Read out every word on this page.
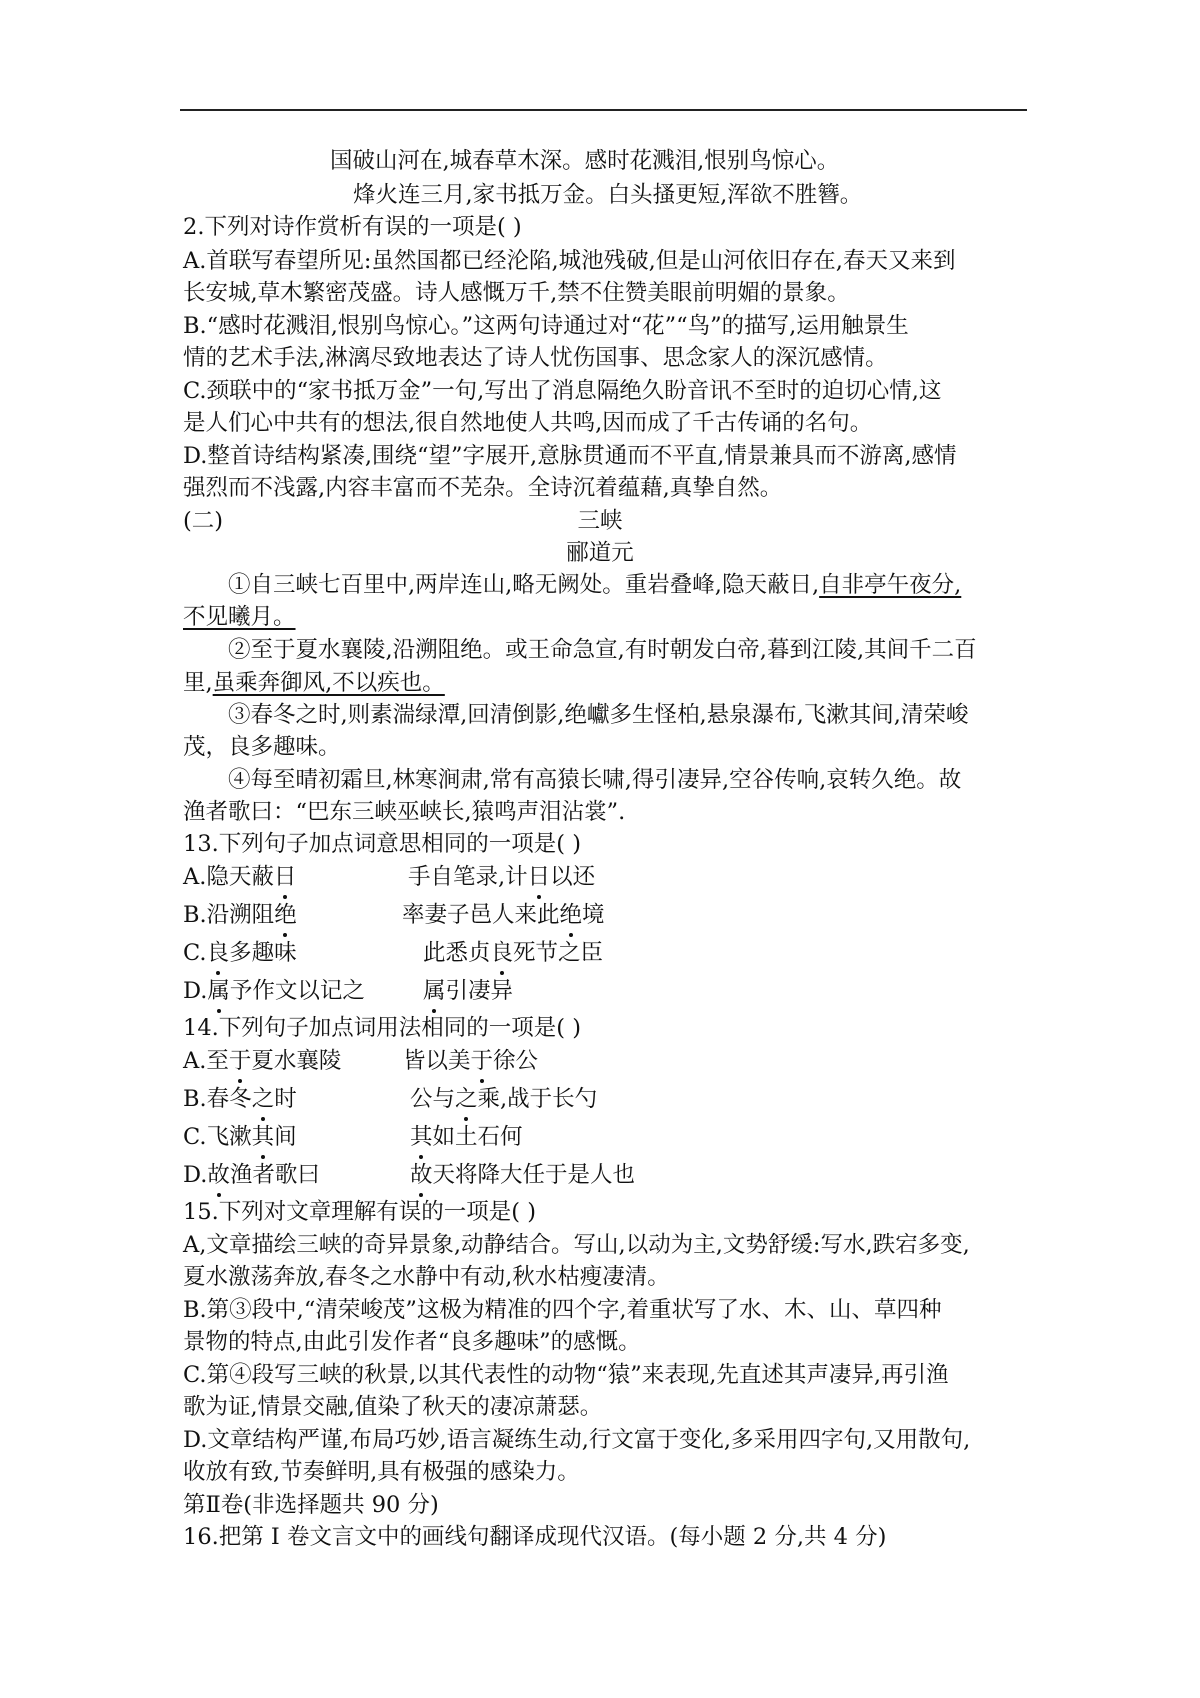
国破山河在,城春草木深。感时花溅泪,恨别鸟惊心。
烽火连三月,家书抵万金。白头搔更短,浑欲不胜簪。
2.下列对诗作赏析有误的一项是( )
A.首联写春望所见:虽然国都已经沦陷,城池残破,但是山河依旧存在,春天又来到
长安城,草木繁密茂盛。诗人感慨万千,禁不住赞美眼前明媚的景象。
B.“感时花溅泪,恨别鸟惊心。”这两句诗通过对“花”“鸟”的描写,运用触景生
情的艺术手法,淋漓尽致地表达了诗人忧伤国事、思念家人的深沉感情。
C.颈联中的“家书抵万金”一句,写出了消息隔绝久盼音讯不至时的迫切心情,这
是人们心中共有的想法,很自然地使人共鸣,因而成了千古传诵的名句。
D.整首诗结构紧凑,围绕“望”字展开,意脉贯通而不平直,情景兼具而不游离,感情
强烈而不浅露,内容丰富而不芜杂。全诗沉着蕴藉,真挚自然。
(二)	三峡
郦道元
①自三峡七百里中,两岸连山,略无阙处。重岩叠峰,隐天蔽日,自非亭午夜分,
不见曦月。
②至于夏水襄陵,沿溯阻绝。或王命急宣,有时朝发白帝,暮到江陵,其间千二百
里,虽乘奔御风,不以疾也。
③春冬之时,则素湍绿潭,回清倒影,绝巘多生怪柏,悬泉瀑布,飞漱其间,清荣峻
茂，良多趣味。
④每至晴初霜旦,林寒涧肃,常有高猿长啸,得引凄异,空谷传响,哀转久绝。故
渔者歌曰：“巴东三峡巫峡长,猿鸣声泪沾裳”.
13.下列句子加点词意思相同的一项是( )
A.隐天蔽日	手自笔录,计日以还
B.沿溯阻绝	率妻子邑人来此绝境
C.良多趣味	此悉贞良死节之臣
D.属予作文以记之	属引凄异
14.下列句子加点词用法相同的一项是( )
A.至于夏水襄陵	皆以美于徐公
B.春冬之时	公与之乘,战于长勺
C.飞漱其间	其如土石何
D.故渔者歌曰	故天将降大任于是人也
15.下列对文章理解有误的一项是( )
A,文章描绘三峡的奇异景象,动静结合。写山,以动为主,文势舒缓:写水,跌宕多变,
夏水激荡奔放,春冬之水静中有动,秋水枯瘦凄清。
B.第③段中,“清荣峻茂”这极为精准的四个字,着重状写了水、木、山、草四种
景物的特点,由此引发作者“良多趣味”的感慨。
C.第④段写三峡的秋景,以其代表性的动物“猿”来表现,先直述其声凄异,再引渔
歌为证,情景交融,值染了秋天的凄凉萧瑟。
D.文章结构严谨,布局巧妙,语言凝练生动,行文富于变化,多采用四字句,又用散句,
收放有致,节奏鲜明,具有极强的感染力。
第Ⅱ卷(非选择题共 90 分)
16.把第 I 卷文言文中的画线句翻译成现代汉语。(每小题 2 分,共 4 分)
